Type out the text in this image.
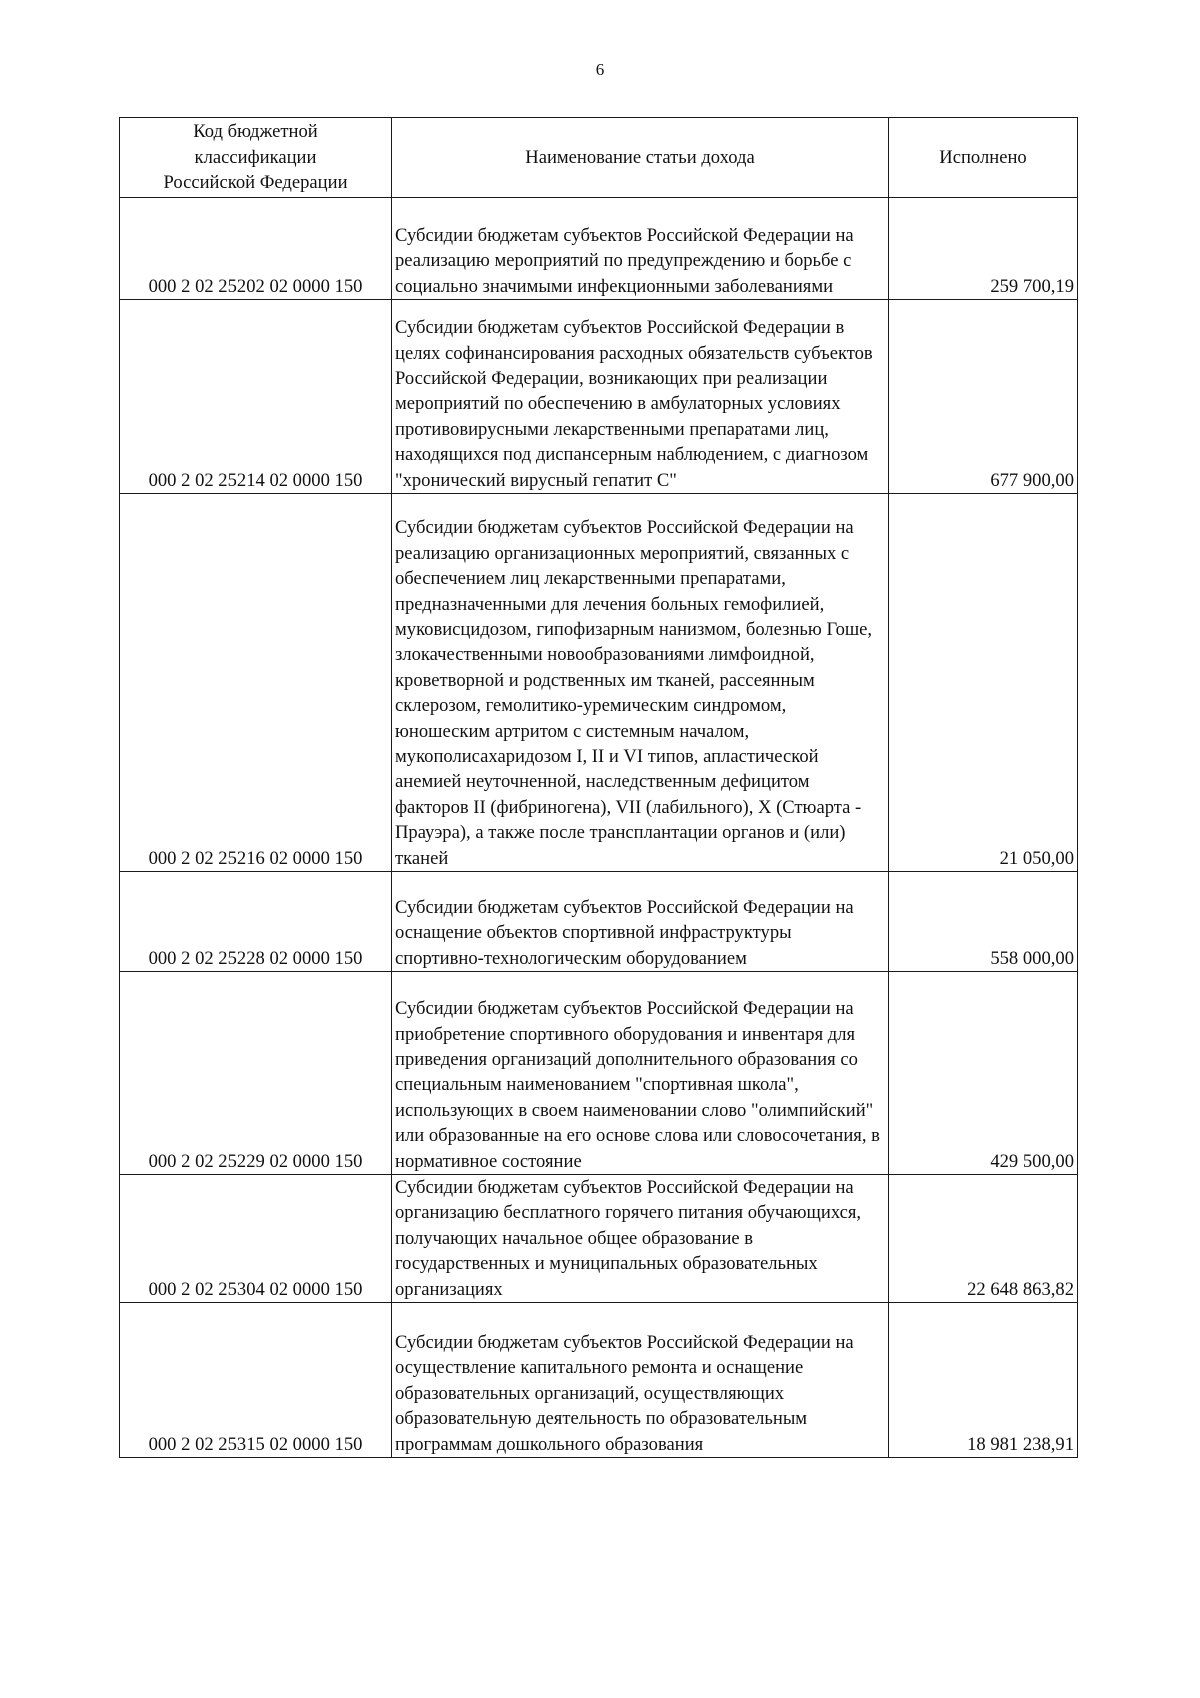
6
Код бюджетной классификации Российской Федерации	Наименование статьи дохода	Исполнено
000 2 02 25202 02 0000 150	Субсидии бюджетам субъектов Российской Федерации на реализацию мероприятий по предупреждению и борьбе с социально значимыми инфекционными заболеваниями	259 700,19
000 2 02 25214 02 0000 150	Субсидии бюджетам субъектов Российской Федерации в целях софинансирования расходных обязательств субъектов Российской Федерации, возникающих при реализации мероприятий по обеспечению в амбулаторных условиях противовирусными лекарственными препаратами лиц, находящихся под диспансерным наблюдением, с диагнозом "хронический вирусный гепатит С"	677 900,00
000 2 02 25216 02 0000 150	Субсидии бюджетам субъектов Российской Федерации на реализацию организационных мероприятий, связанных с обеспечением лиц лекарственными препаратами, предназначенными для лечения больных гемофилией, муковисцидозом, гипофизарным нанизмом, болезнью Гоше, злокачественными новообразованиями лимфоидной, кроветворной и родственных им тканей, рассеянным склерозом, гемолитико-уремическим синдромом, юношеским артритом с системным началом, мукополисахаридозом I, II и VI типов, апластической анемией неуточненной, наследственным дефицитом факторов II (фибриногена), VII (лабильного), X (Стюарта - Прауэра), а также после трансплантации органов и (или) тканей	21 050,00
000 2 02 25228 02 0000 150	Субсидии бюджетам субъектов Российской Федерации на оснащение объектов спортивной инфраструктуры спортивно-технологическим оборудованием	558 000,00
000 2 02 25229 02 0000 150	Субсидии бюджетам субъектов Российской Федерации на приобретение спортивного оборудования и инвентаря для приведения организаций дополнительного образования со специальным наименованием "спортивная школа", использующих в своем наименовании слово "олимпийский" или образованные на его основе слова или словосочетания, в нормативное состояние	429 500,00
000 2 02 25304 02 0000 150	Субсидии бюджетам субъектов Российской Федерации на организацию бесплатного горячего питания обучающихся, получающих начальное общее образование в государственных и муниципальных образовательных организациях	22 648 863,82
000 2 02 25315 02 0000 150	Субсидии бюджетам субъектов Российской Федерации на осуществление капитального ремонта и оснащение образовательных организаций, осуществляющих образовательную деятельность по образовательным программам дошкольного образования	18 981 238,91
